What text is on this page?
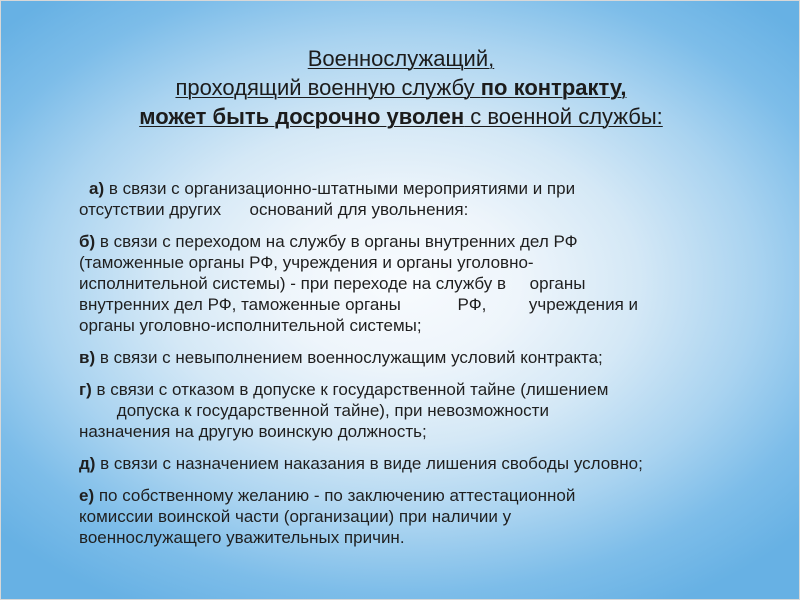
Военнослужащий,
проходящий военную службу по контракту,
может быть досрочно уволен с военной службы:
а) в связи с организационно-штатными мероприятиями и при
отсутствии других      оснований для увольнения:
б) в связи с переходом на службу в органы внутренних дел РФ
(таможенные органы РФ, учреждения и органы уголовно-
исполнительной системы) - при переходе на службу в     органы
внутренних дел РФ, таможенные органы            РФ,         учреждения и
органы уголовно-исполнительной системы;
в) в связи с невыполнением военнослужащим условий контракта;
г) в связи с отказом в допуске к государственной тайне (лишением
допуска к государственной тайне), при невозможности
назначения на другую воинскую должность;
д) в связи с назначением наказания в виде лишения свободы условно;
е) по собственному желанию - по заключению аттестационной
комиссии воинской части (организации) при наличии у
военнослужащего уважительных причин.
